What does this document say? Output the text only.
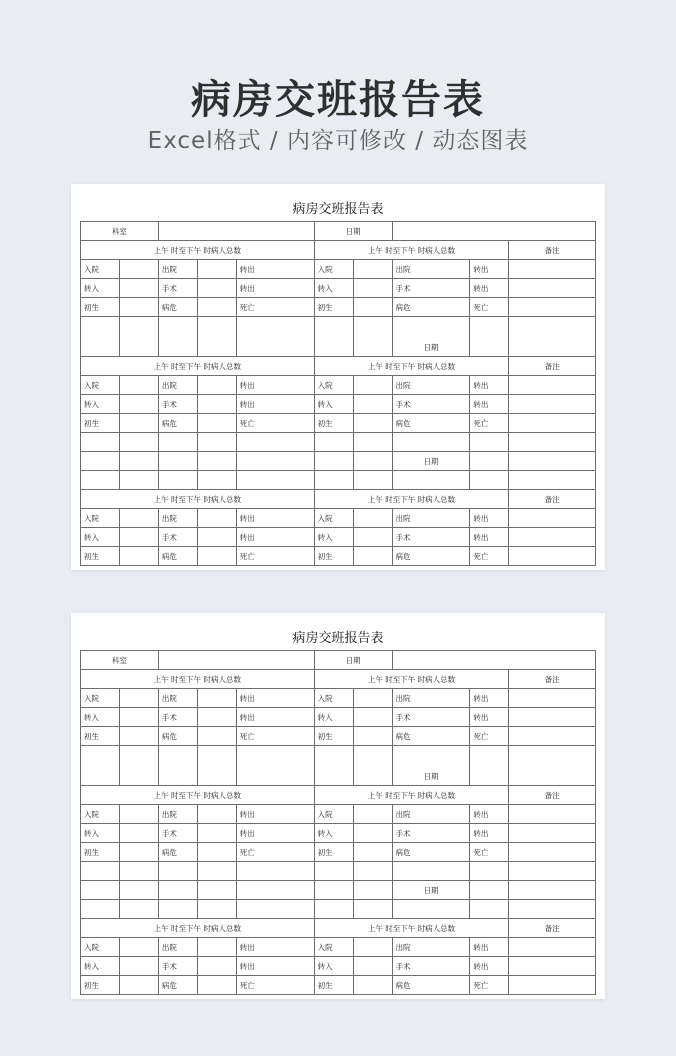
病房交班报告表
Excel格式 / 内容可修改 / 动态图表
病房交班报告表									
科室					日期				
上午 时至下午 时病人总数					上午 时至下午 时病人总数				备注
入院		出院		转出	入院		出院	转出	
转入		手术		转出	转入		手术	转出	
初生		病危		死亡	初生		病危	死亡	
							日期		
上午 时至下午 时病人总数					上午 时至下午 时病人总数				备注
入院		出院		转出	入院		出院	转出	
转入		手术		转出	转入		手术	转出	
初生		病危		死亡	初生		病危	死亡	

							日期		

上午 时至下午 时病人总数					上午 时至下午 时病人总数				备注
入院		出院		转出	入院		出院	转出	
转入		手术		转出	转入		手术	转出	
初生		病危		死亡	初生		病危	死亡	
病房交班报告表									
科室					日期				
上午 时至下午 时病人总数					上午 时至下午 时病人总数				备注
入院		出院		转出	入院		出院	转出	
转入		手术		转出	转入		手术	转出	
初生		病危		死亡	初生		病危	死亡	
							日期		
上午 时至下午 时病人总数					上午 时至下午 时病人总数				备注
入院		出院		转出	入院		出院	转出	
转入		手术		转出	转入		手术	转出	
初生		病危		死亡	初生		病危	死亡	

							日期		

上午 时至下午 时病人总数					上午 时至下午 时病人总数				备注
入院		出院		转出	入院		出院	转出	
转入		手术		转出	转入		手术	转出	
初生		病危		死亡	初生		病危	死亡	
